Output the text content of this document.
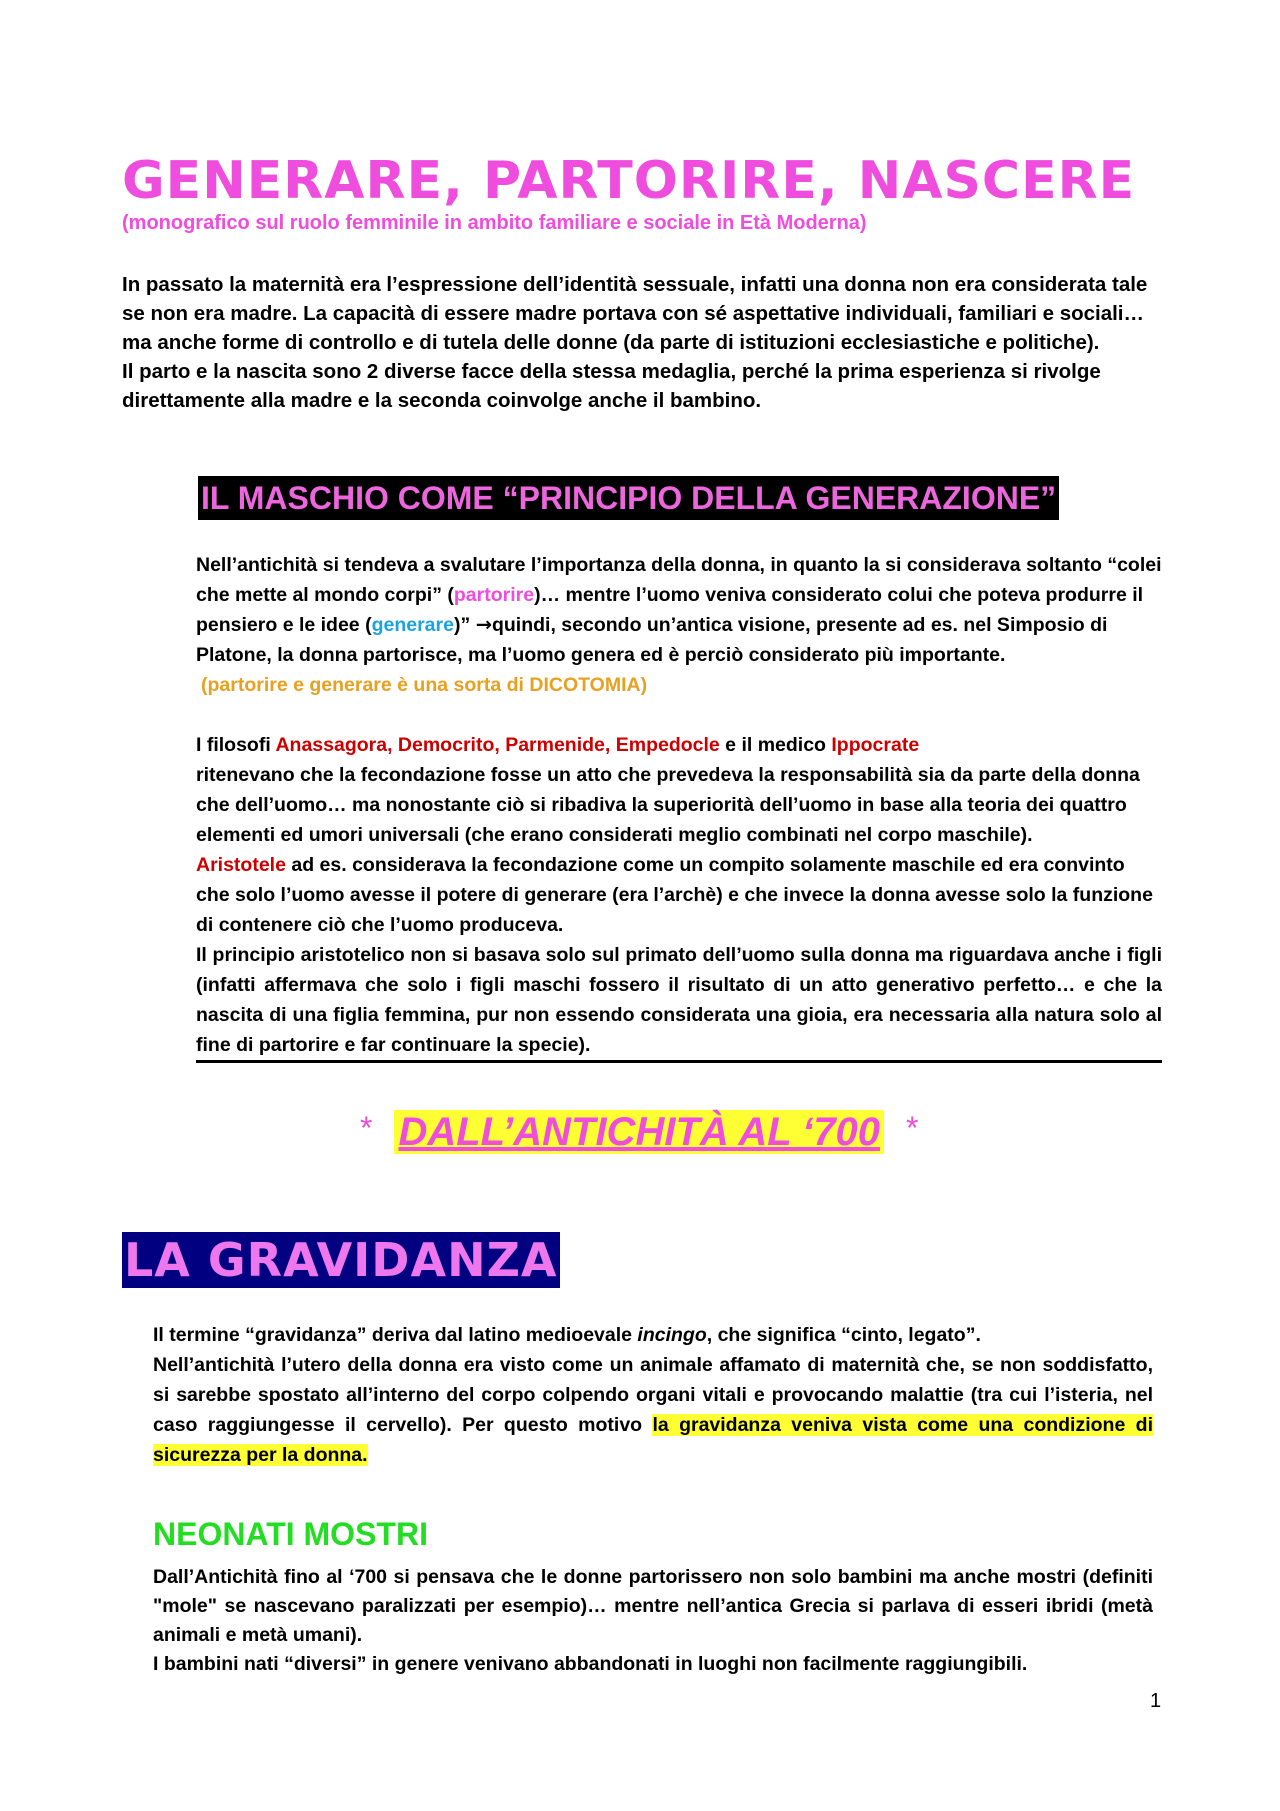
GENERARE, PARTORIRE, NASCERE
(monografico sul ruolo femminile in ambito familiare e sociale in Età Moderna)

In passato la maternità era l’espressione dell’identità sessuale, infatti una donna non era considerata tale se non era madre. La capacità di essere madre portava con sé aspettative individuali, familiari e sociali… ma anche forme di controllo e di tutela delle donne (da parte di istituzioni ecclesiastiche e politiche).

Il parto e la nascita sono 2 diverse facce della stessa medaglia, perché la prima esperienza si rivolge direttamente alla madre e la seconda coinvolge anche il bambino.

IL MASCHIO COME “PRINCIPIO DELLA GENERAZIONE”

Nell’antichità si tendeva a svalutare l’importanza della donna, in quanto la si considerava soltanto “colei che mette al mondo corpi” (partorire)… mentre l’uomo veniva considerato colui che poteva produrre il pensiero e le idee (generare)” →quindi, secondo un’antica visione, presente ad es. nel Simposio di Platone, la donna partorisce, ma l’uomo genera ed è perciò considerato più importante.

(partorire e generare è una sorta di DICOTOMIA)

I filosofi Anassagora, Democrito, Parmenide, Empedocle e il medico Ippocrate

ritenevano che la fecondazione fosse un atto che prevedeva la responsabilità sia da parte della donna che dell’uomo… ma nonostante ciò si ribadiva la superiorità dell’uomo in base alla teoria dei quattro elementi ed umori universali (che erano considerati meglio combinati nel corpo maschile).

Aristotele ad es. considerava la fecondazione come un compito solamente maschile ed era convinto che solo l’uomo avesse il potere di generare (era l’archè) e che invece la donna avesse solo la funzione di contenere ciò che l’uomo produceva.

Il principio aristotelico non si basava solo sul primato dell’uomo sulla donna ma riguardava anche i figli (infatti affermava che solo i figli maschi fossero il risultato di un atto generativo perfetto… e che la nascita di una figlia femmina, pur non essendo considerata una gioia, era necessaria alla natura solo al fine di partorire e far continuare la specie).

* DALL’ANTICHITÀ AL ‘700 *
LA GRAVIDANZA

Il termine “gravidanza” deriva dal latino medioevale incingo, che significa “cinto, legato”.

Nell’antichità l’utero della donna era visto come un animale affamato di maternità che, se non soddisfatto, si sarebbe spostato all’interno del corpo colpendo organi vitali e provocando malattie (tra cui l’isteria, nel caso raggiungesse il cervello). Per questo motivo la gravidanza veniva vista come una condizione di sicurezza per la donna.

NEONATI MOSTRI

Dall’Antichità fino al ‘700 si pensava che le donne partorissero non solo bambini ma anche mostri (definiti "mole" se nascevano paralizzati per esempio)… mentre nell’antica Grecia si parlava di esseri ibridi (metà animali e metà umani).

I bambini nati “diversi” in genere venivano abbandonati in luoghi non facilmente raggiungibili.

1
